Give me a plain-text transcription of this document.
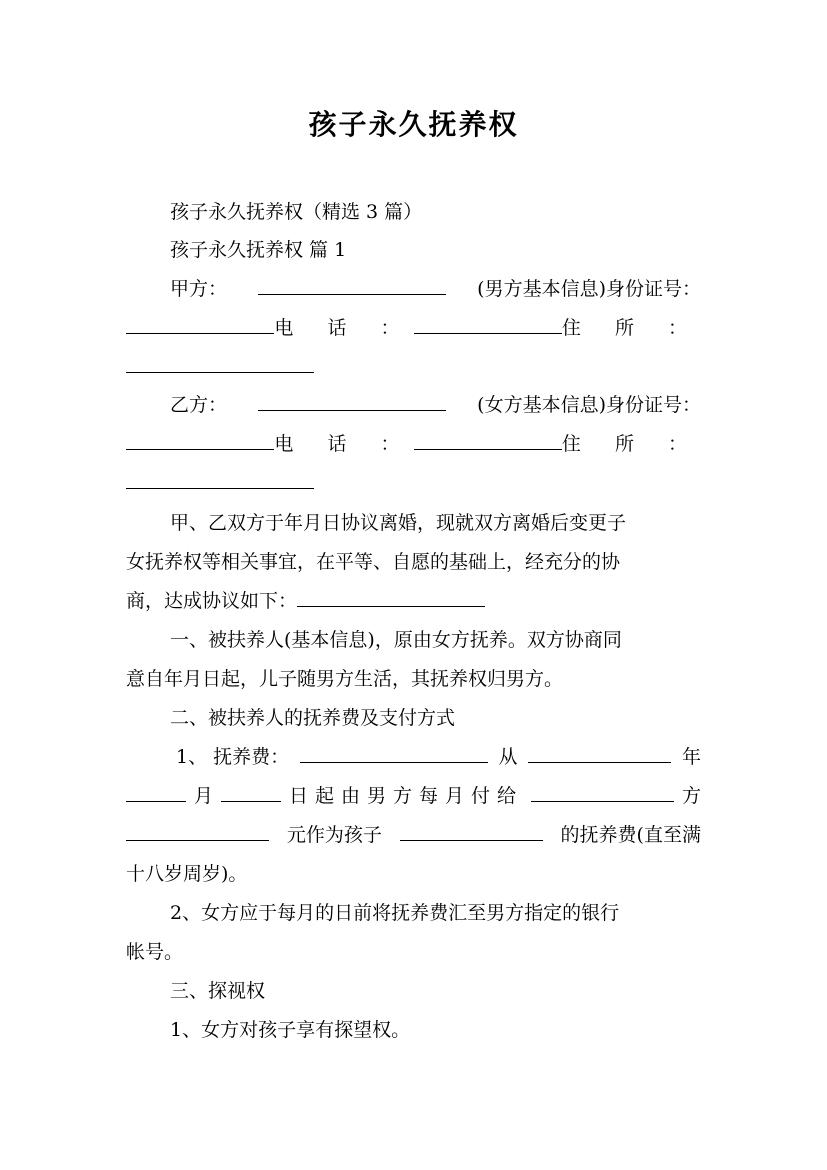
孩子永久抚养权
孩子永久抚养权（精选 3 篇）
孩子永久抚养权 篇 1
甲方：	(男方基本信息)身份证号：
电 话 ：	住 所 ：
乙方：	(女方基本信息)身份证号：
电 话 ：	住 所 ：
甲、乙双方于年月日协议离婚，现就双方离婚后变更子
女抚养权等相关事宜，在平等、自愿的基础上，经充分的协
商，达成协议如下：
一、被扶养人(基本信息)，原由女方抚养。双方协商同
意自年月日起，儿子随男方生活，其抚养权归男方。
二、被扶养人的抚养费及支付方式
1、 抚养费：	从	年
月	日起由男方每月付给	方
元作为孩子	的抚养费(直至满
十八岁周岁)。
2、女方应于每月的日前将抚养费汇至男方指定的银行
帐号。
三、探视权
1、女方对孩子享有探望权。
